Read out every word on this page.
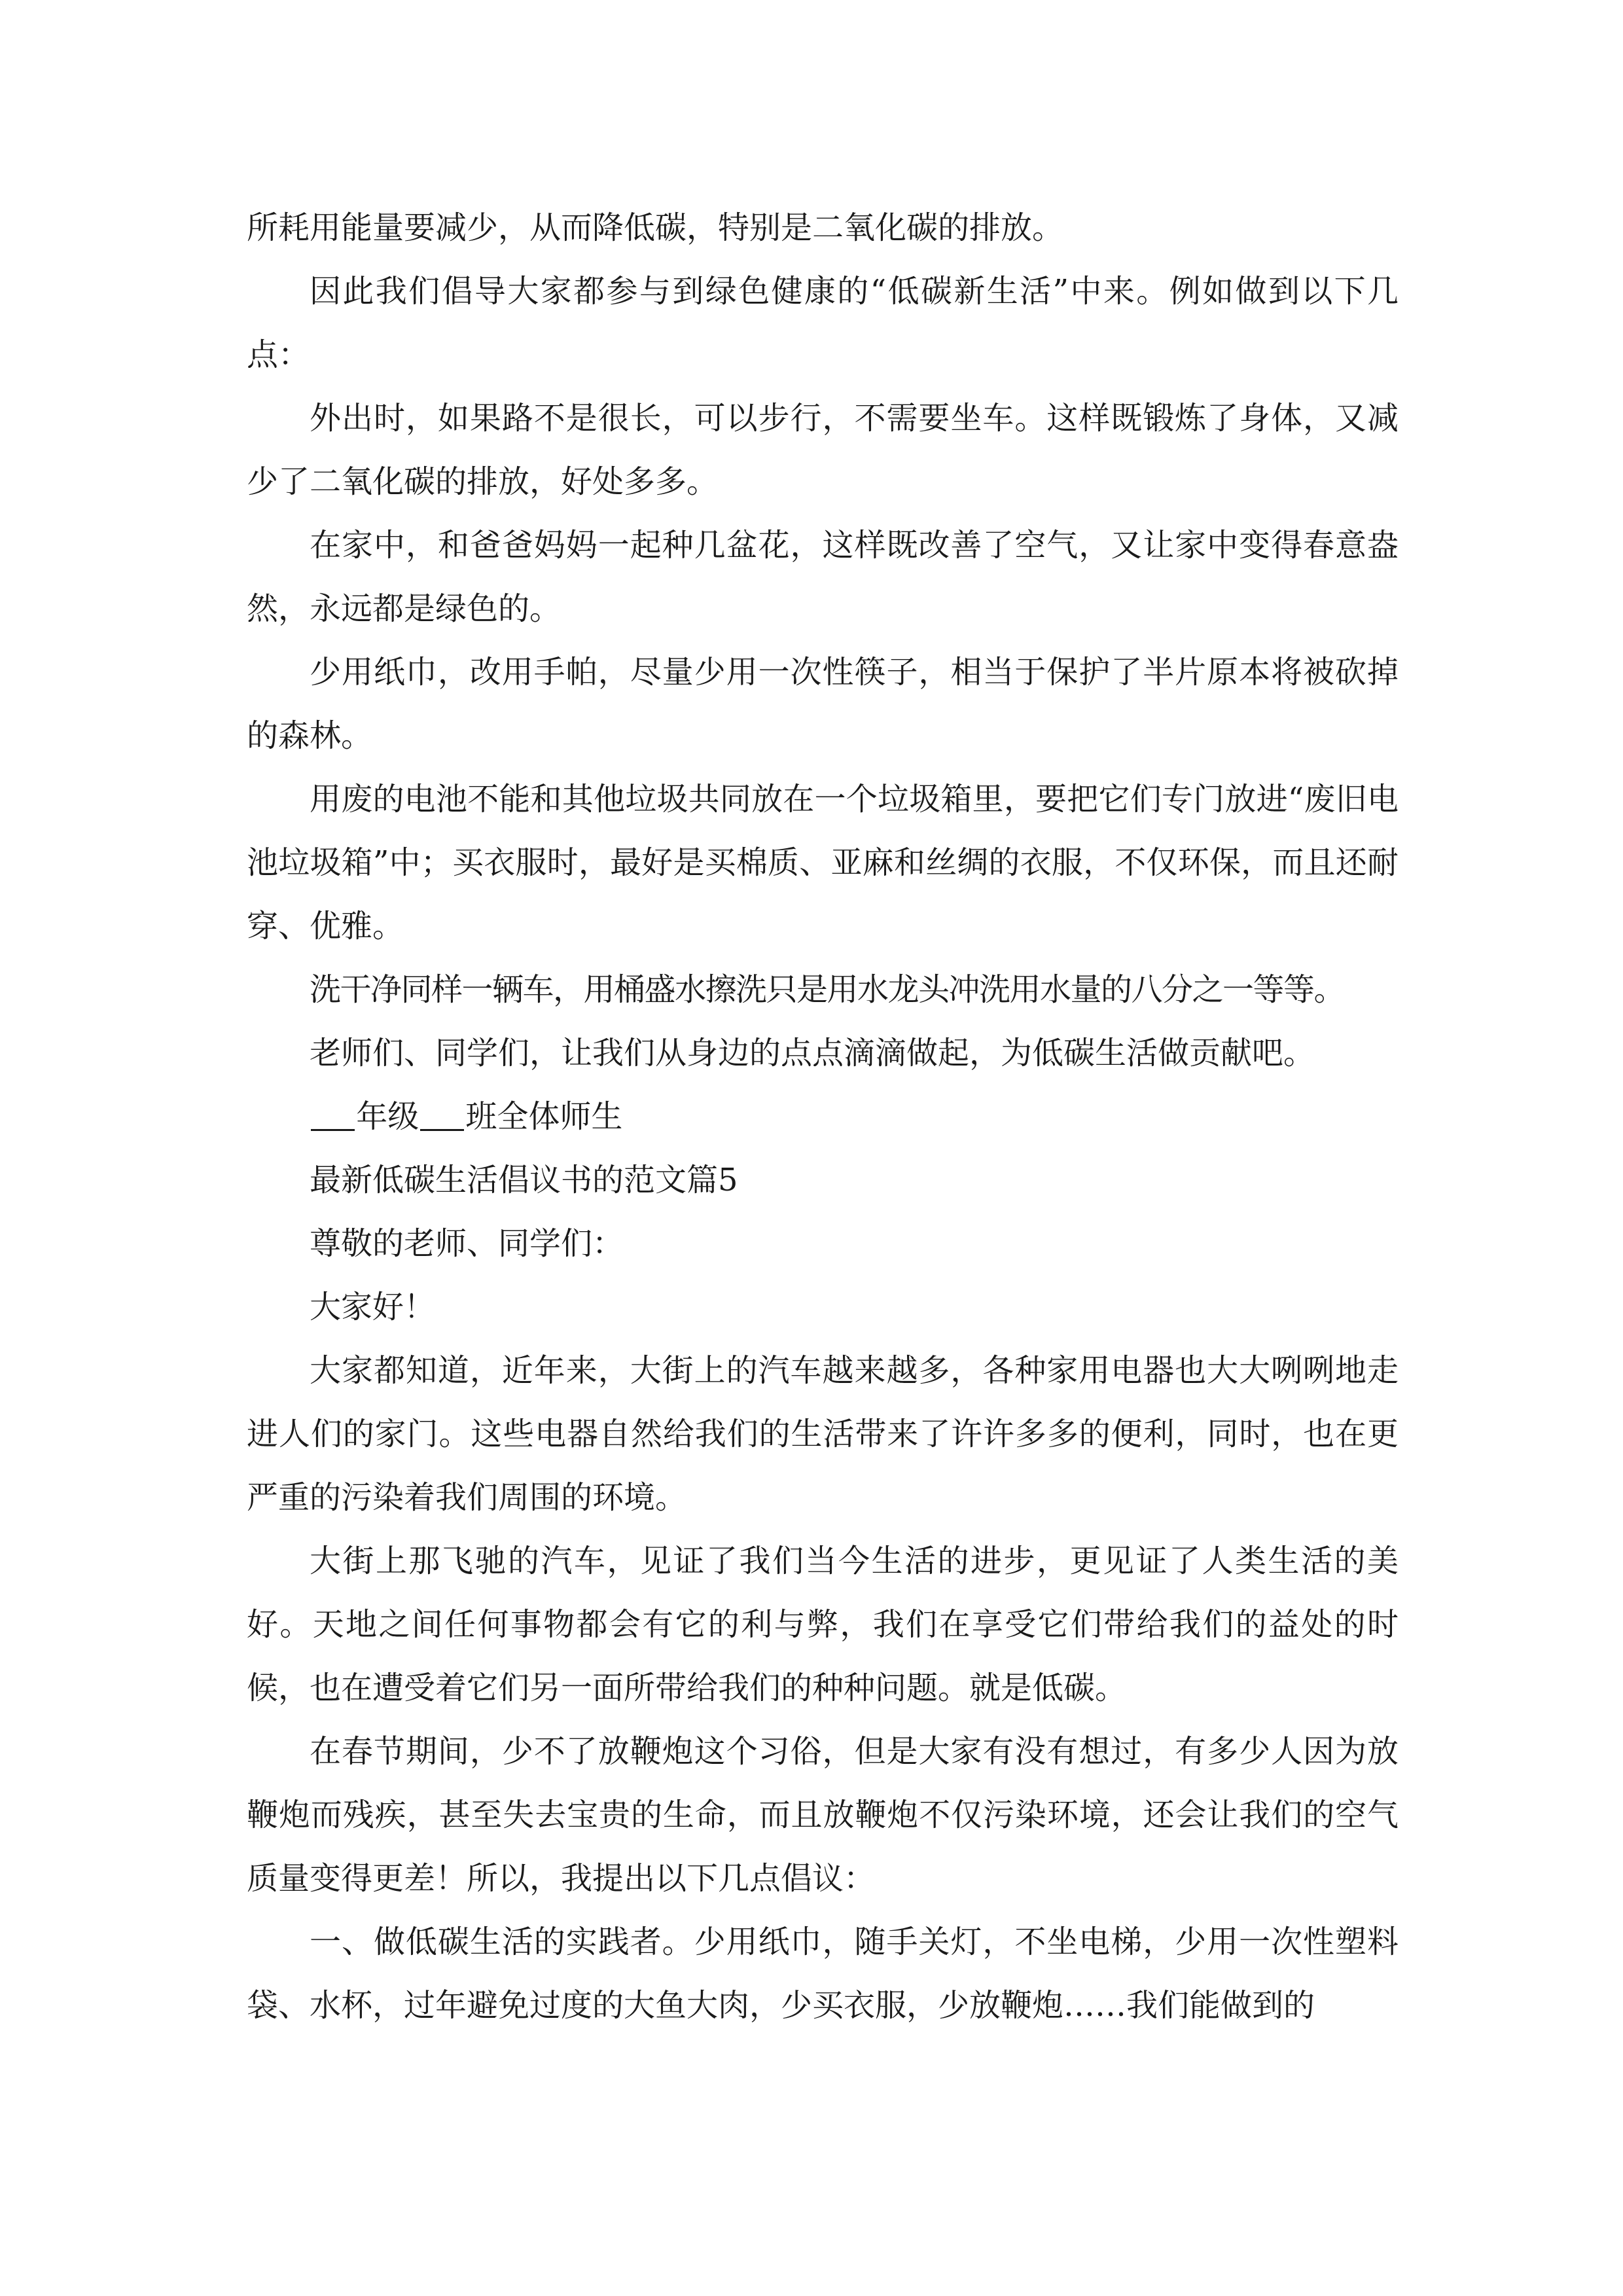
所耗用能量要减少，从而降低碳，特别是二氧化碳的排放。

因此我们倡导大家都参与到绿色健康的“低碳新生活”中来。例如做到以下几点：

外出时，如果路不是很长，可以步行，不需要坐车。这样既锻炼了身体，又减少了二氧化碳的排放，好处多多。

在家中，和爸爸妈妈一起种几盆花，这样既改善了空气，又让家中变得春意盎然，永远都是绿色的。

少用纸巾，改用手帕，尽量少用一次性筷子，相当于保护了半片原本将被砍掉的森林。

用废的电池不能和其他垃圾共同放在一个垃圾箱里，要把它们专门放进“废旧电池垃圾箱”中；买衣服时，最好是买棉质、亚麻和丝绸的衣服，不仅环保，而且还耐穿、优雅。

洗干净同样一辆车，用桶盛水擦洗只是用水龙头冲洗用水量的八分之一等等。

老师们、同学们，让我们从身边的点点滴滴做起，为低碳生活做贡献吧。

年级 班全体师生

最新低碳生活倡议书的范文篇5

尊敬的老师、同学们：

大家好！

大家都知道，近年来，大街上的汽车越来越多，各种家用电器也大大咧咧地走进人们的家门。这些电器自然给我们的生活带来了许许多多的便利，同时，也在更严重的污染着我们周围的环境。

大街上那飞驰的汽车，见证了我们当今生活的进步，更见证了人类生活的美好。天地之间任何事物都会有它的利与弊，我们在享受它们带给我们的益处的时候，也在遭受着它们另一面所带给我们的种种问题。就是低碳。

在春节期间，少不了放鞭炮这个习俗，但是大家有没有想过，有多少人因为放鞭炮而残疾，甚至失去宝贵的生命，而且放鞭炮不仅污染环境，还会让我们的空气质量变得更差！所以，我提出以下几点倡议：

一、做低碳生活的实践者。少用纸巾，随手关灯，不坐电梯，少用一次性塑料袋、水杯，过年避免过度的大鱼大肉，少买衣服，少放鞭炮……我们能做到的
